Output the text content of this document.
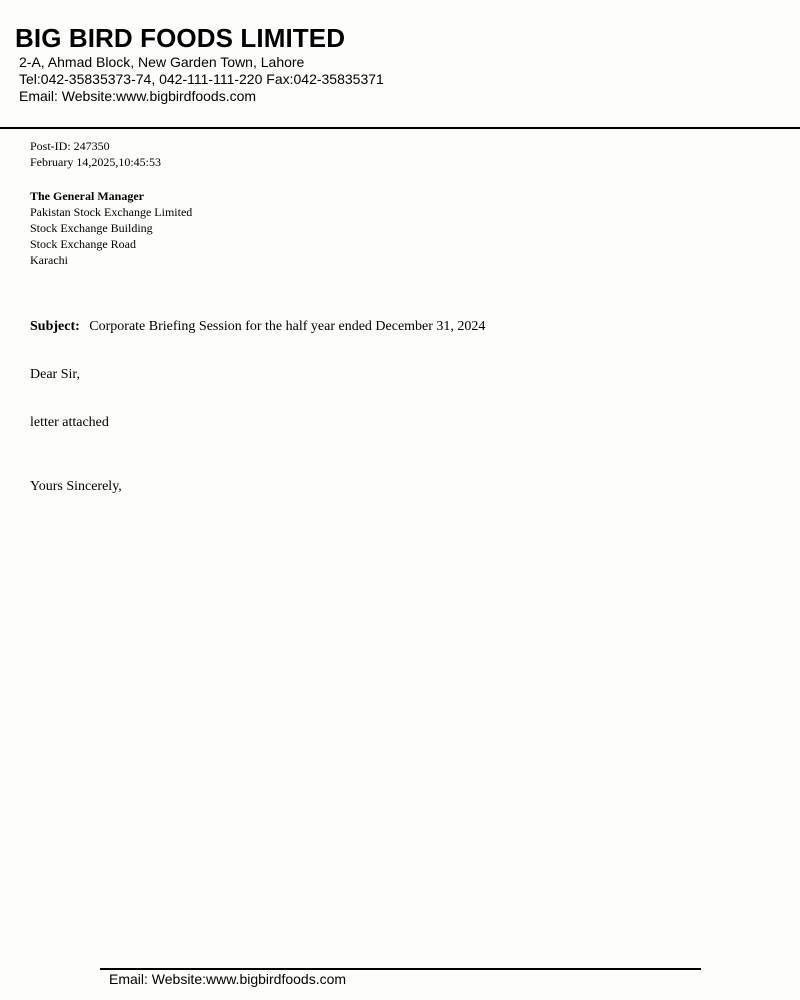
BIG BIRD FOODS LIMITED
2-A, Ahmad Block, New Garden Town, Lahore
Tel:042-35835373-74, 042-111-111-220 Fax:042-35835371
Email: Website:www.bigbirdfoods.com
Post-ID: 247350
February 14,2025,10:45:53
The General Manager
Pakistan Stock Exchange Limited
Stock Exchange Building
Stock Exchange Road
Karachi
Subject: Corporate Briefing Session for the half year ended December 31, 2024
Dear Sir,
letter attached
Yours Sincerely,
Email: Website:www.bigbirdfoods.com
